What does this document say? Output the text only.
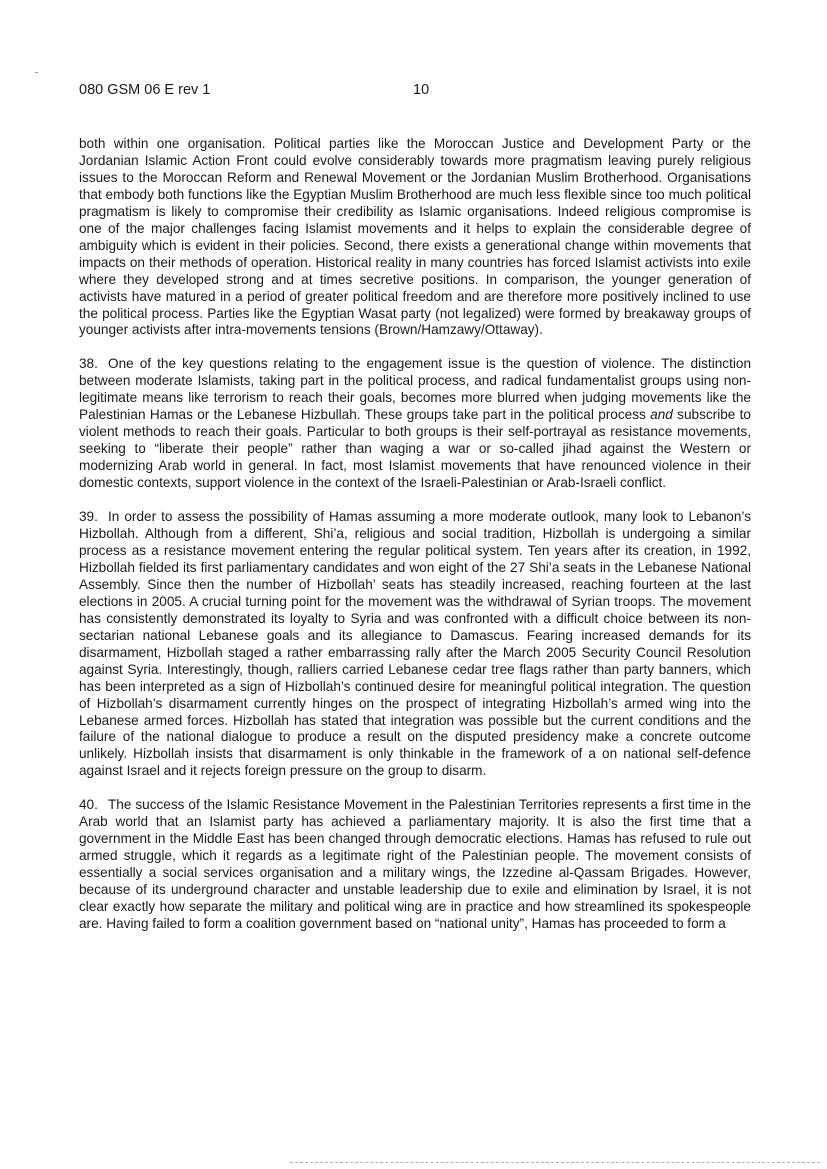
080 GSM 06 E rev 1	10

both within one organisation. Political parties like the Moroccan Justice and Development Party or the Jordanian Islamic Action Front could evolve considerably towards more pragmatism leaving purely religious issues to the Moroccan Reform and Renewal Movement or the Jordanian Muslim Brotherhood. Organisations that embody both functions like the Egyptian Muslim Brotherhood are much less flexible since too much political pragmatism is likely to compromise their credibility as Islamic organisations. Indeed religious compromise is one of the major challenges facing Islamist movements and it helps to explain the considerable degree of ambiguity which is evident in their policies. Second, there exists a generational change within movements that impacts on their methods of operation. Historical reality in many countries has forced Islamist activists into exile where they developed strong and at times secretive positions. In comparison, the younger generation of activists have matured in a period of greater political freedom and are therefore more positively inclined to use the political process. Parties like the Egyptian Wasat party (not legalized) were formed by breakaway groups of younger activists after intra-movements tensions (Brown/Hamzawy/Ottaway).

38. One of the key questions relating to the engagement issue is the question of violence. The distinction between moderate Islamists, taking part in the political process, and radical fundamentalist groups using non-legitimate means like terrorism to reach their goals, becomes more blurred when judging movements like the Palestinian Hamas or the Lebanese Hizbullah. These groups take part in the political process and subscribe to violent methods to reach their goals. Particular to both groups is their self-portrayal as resistance movements, seeking to “liberate their people” rather than waging a war or so-called jihad against the Western or modernizing Arab world in general. In fact, most Islamist movements that have renounced violence in their domestic contexts, support violence in the context of the Israeli-Palestinian or Arab-Israeli conflict.

39. In order to assess the possibility of Hamas assuming a more moderate outlook, many look to Lebanon’s Hizbollah. Although from a different, Shi’a, religious and social tradition, Hizbollah is undergoing a similar process as a resistance movement entering the regular political system. Ten years after its creation, in 1992, Hizbollah fielded its first parliamentary candidates and won eight of the 27 Shi’a seats in the Lebanese National Assembly. Since then the number of Hizbollah’ seats has steadily increased, reaching fourteen at the last elections in 2005. A crucial turning point for the movement was the withdrawal of Syrian troops. The movement has consistently demonstrated its loyalty to Syria and was confronted with a difficult choice between its non-sectarian national Lebanese goals and its allegiance to Damascus. Fearing increased demands for its disarmament, Hizbollah staged a rather embarrassing rally after the March 2005 Security Council Resolution against Syria. Interestingly, though, ralliers carried Lebanese cedar tree flags rather than party banners, which has been interpreted as a sign of Hizbollah’s continued desire for meaningful political integration. The question of Hizbollah’s disarmament currently hinges on the prospect of integrating Hizbollah’s armed wing into the Lebanese armed forces. Hizbollah has stated that integration was possible but the current conditions and the failure of the national dialogue to produce a result on the disputed presidency make a concrete outcome unlikely. Hizbollah insists that disarmament is only thinkable in the framework of a on national self-defence against Israel and it rejects foreign pressure on the group to disarm.

40. The success of the Islamic Resistance Movement in the Palestinian Territories represents a first time in the Arab world that an Islamist party has achieved a parliamentary majority. It is also the first time that a government in the Middle East has been changed through democratic elections. Hamas has refused to rule out armed struggle, which it regards as a legitimate right of the Palestinian people. The movement consists of essentially a social services organisation and a military wings, the Izzedine al-Qassam Brigades. However, because of its underground character and unstable leadership due to exile and elimination by Israel, it is not clear exactly how separate the military and political wing are in practice and how streamlined its spokespeople are. Having failed to form a coalition government based on “national unity”, Hamas has proceeded to form a
